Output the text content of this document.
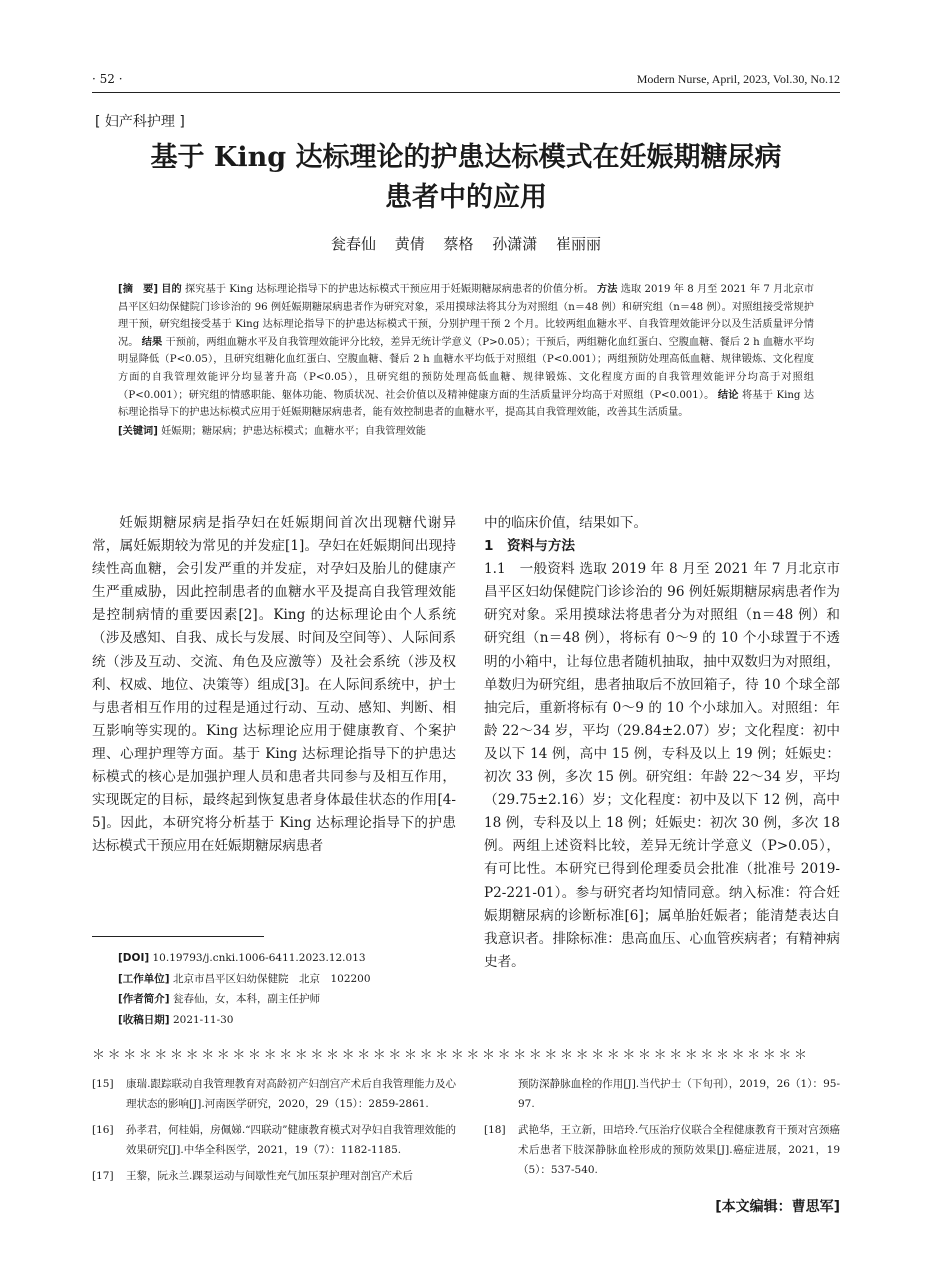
· 52 ·	Modern Nurse, April, 2023, Vol.30, No.12
[ 妇产科护理 ]
基于 King 达标理论的护患达标模式在妊娠期糖尿病
患者中的应用
瓮春仙 黄倩 蔡格 孙潇潇 崔丽丽
[摘　要] 目的 探究基于 King 达标理论指导下的护患达标模式干预应用于妊娠期糖尿病患者的价值分析。 方法 选取 2019 年 8 月至 2021 年 7 月北京市昌平区妇幼保健院门诊诊治的 96 例妊娠期糖尿病患者作为研究对象，采用摸球法将其分为对照组（n＝48 例）和研究组（n＝48 例）。对照组接受常规护理干预，研究组接受基于 King 达标理论指导下的护患达标模式干预，分别护理干预 2 个月。比较两组血糖水平、自我管理效能评分以及生活质量评分情况。 结果 干预前，两组血糖水平及自我管理效能评分比较，差异无统计学意义（P>0.05）；干预后，两组糖化血红蛋白、空腹血糖、餐后 2 h 血糖水平均明显降低（P<0.05），且研究组糖化血红蛋白、空腹血糖、餐后 2 h 血糖水平均低于对照组（P<0.001）；两组预防处理高低血糖、规律锻炼、文化程度方面的自我管理效能评分均显著升高（P<0.05），且研究组的预防处理高低血糖、规律锻炼、文化程度方面的自我管理效能评分均高于对照组（P<0.001）；研究组的情感职能、躯体功能、物质状况、社会价值以及精神健康方面的生活质量评分均高于对照组（P<0.001）。 结论 将基于 King 达标理论指导下的护患达标模式应用于妊娠期糖尿病患者，能有效控制患者的血糖水平，提高其自我管理效能，改善其生活质量。
[关键词] 妊娠期；糖尿病；护患达标模式；血糖水平；自我管理效能

妊娠期糖尿病是指孕妇在妊娠期间首次出现糖代谢异常，属妊娠期较为常见的并发症[1]。孕妇在妊娠期间出现持续性高血糖，会引发严重的并发症，对孕妇及胎儿的健康产生严重威胁，因此控制患者的血糖水平及提高自我管理效能是控制病情的重要因素[2]。King 的达标理论由个人系统（涉及感知、自我、成长与发展、时间及空间等）、人际间系统（涉及互动、交流、角色及应激等）及社会系统（涉及权利、权威、地位、决策等）组成[3]。在人际间系统中，护士与患者相互作用的过程是通过行动、互动、感知、判断、相互影响等实现的。King 达标理论应用于健康教育、个案护理、心理护理等方面。基于 King 达标理论指导下的护患达标模式的核心是加强护理人员和患者共同参与及相互作用，实现既定的目标，最终起到恢复患者身体最佳状态的作用[4-5]。因此，本研究将分析基于 King 达标理论指导下的护患达标模式干预应用在妊娠期糖尿病患者

中的临床价值，结果如下。

1　资料与方法

1.1　一般资料 选取 2019 年 8 月至 2021 年 7 月北京市昌平区妇幼保健院门诊诊治的 96 例妊娠期糖尿病患者作为研究对象。采用摸球法将患者分为对照组（n＝48 例）和研究组（n＝48 例），将标有 0～9 的 10 个小球置于不透明的小箱中，让每位患者随机抽取，抽中双数归为对照组，单数归为研究组，患者抽取后不放回箱子，待 10 个球全部抽完后，重新将标有 0～9 的 10 个小球加入。对照组：年龄 22～34 岁，平均（29.84±2.07）岁；文化程度：初中及以下 14 例，高中 15 例，专科及以上 19 例；妊娠史：初次 33 例，多次 15 例。研究组：年龄 22～34 岁，平均（29.75±2.16）岁；文化程度：初中及以下 12 例，高中 18 例，专科及以上 18 例；妊娠史：初次 30 例，多次 18 例。两组上述资料比较，差异无统计学意义（P>0.05），有可比性。本研究已得到伦理委员会批准（批准号 2019-P2-221-01）。参与研究者均知情同意。纳入标准：符合妊娠期糖尿病的诊断标准[6]；属单胎妊娠者；能清楚表达自我意识者。排除标准：患高血压、心血管疾病者；有精神病史者。

[DOI] 10.19793/j.cnki.1006-6411.2023.12.013
[工作单位] 北京市昌平区妇幼保健院　北京　102200
[作者简介] 瓮春仙，女，本科，副主任护师
[收稿日期] 2021-11-30
＊＊＊＊＊＊＊＊＊＊＊＊＊＊＊＊＊＊＊＊＊＊＊＊＊＊＊＊＊＊＊＊＊＊＊＊＊＊＊＊＊＊＊＊＊＊
[15]	康瑞.跟踪联动自我管理教育对高龄初产妇剖宫产术后自我管理能力及心理状态的影响[J].河南医学研究，2020，29（15）：2859-2861.
[16]	孙孝君，何桂娟，房佩娣.“四联动”健康教育模式对孕妇自我管理效能的效果研究[J].中华全科医学，2021，19（7）：1182-1185.
[17]	王黎，阮永兰.踝泵运动与间歇性充气加压泵护理对剖宫产术后
预防深静脉血栓的作用[J].当代护士（下旬刊），2019，26（1）：95-97.
[18]	武艳华，王立新，田培玲.气压治疗仪联合全程健康教育干预对宫颈癌术后患者下肢深静脉血栓形成的预防效果[J].癌症进展，2021，19（5）：537-540.
[本文编辑：曹思军]
